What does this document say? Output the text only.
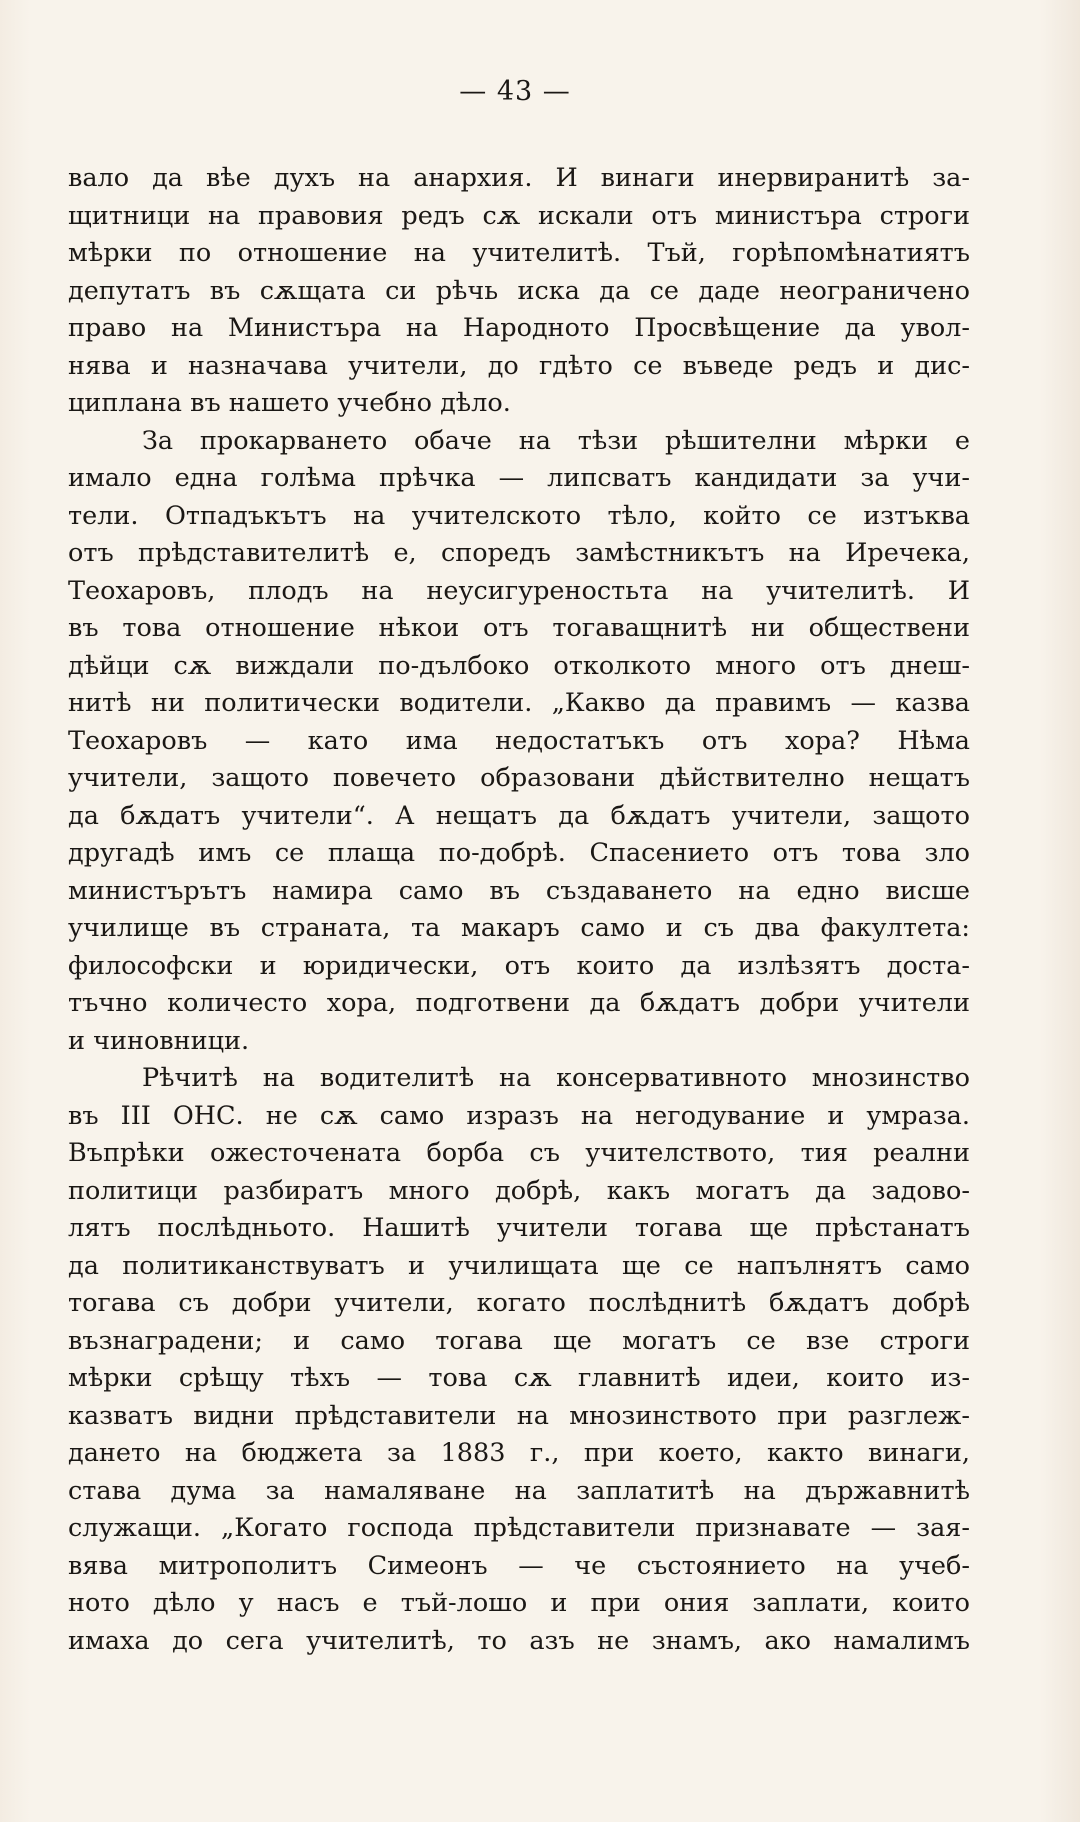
— 43 —
вало да вѣе духъ на анархия. И винаги инервиранитѣ за-
щитници на правовия редъ сѫ искали отъ министъра строги
мѣрки по отношение на учителитѣ. Тъй, горѣпомѣнатиятъ
депутатъ въ сѫщата си рѣчь иска да се даде неограничено
право на Министъра на Народното Просвѣщение да увол-
нява и назначава учители, до гдѣто се въведе редъ и дис-
циплана въ нашето учебно дѣло.
За прокарването обаче на тѣзи рѣшителни мѣрки е
имало една голѣма прѣчка — липсватъ кандидати за учи-
тели. Отпадъкътъ на учителското тѣло, който се изтъква
отъ прѣдставителитѣ е, споредъ замѣстникътъ на Иречека,
Теохаровъ, плодъ на неусигуреностьта на учителитѣ. И
въ това отношение нѣкои отъ тогаващнитѣ ни обществени
дѣйци сѫ виждали по-дълбоко отколкото много отъ днеш-
нитѣ ни политически водители. „Какво да правимъ — казва
Теохаровъ — като има недостатъкъ отъ хора? Нѣма
учители, защото повечето образовани дѣйствително нещатъ
да бѫдатъ учители“. А нещатъ да бѫдатъ учители, защото
другадѣ имъ се плаща по-добрѣ. Спасението отъ това зло
министърътъ намира само въ създаването на едно висше
училище въ страната, та макаръ само и съ два факултета:
философски и юридически, отъ които да излѣзятъ доста-
тъчно количесто хора, подготвени да бѫдатъ добри учители
и чиновници.
Рѣчитѣ на водителитѣ на консервативното мнозинство
въ III ОНС. не сѫ само изразъ на негодувание и умраза.
Въпрѣки ожесточената борба съ учителството, тия реални
политици разбиратъ много добрѣ, какъ могатъ да задово-
лятъ послѣдньото. Нашитѣ учители тогава ще прѣстанатъ
да политиканствуватъ и училищата ще се напълнятъ само
тогава съ добри учители, когато послѣднитѣ бѫдатъ добрѣ
възнаградени; и само тогава ще могатъ се взе строги
мѣрки срѣщу тѣхъ — това сѫ главнитѣ идеи, които из-
казватъ видни прѣдставители на мнозинството при разглеж-
дането на бюджета за 1883 г., при което, както винаги,
става дума за намаляване на заплатитѣ на държавнитѣ
служащи. „Когато господа прѣдставители признавате — зая-
вява митрополитъ Симеонъ — че състоянието на учеб-
ното дѣло у насъ е тъй-лошо и при ония заплати, които
имаха до сега учителитѣ, то азъ не знамъ, ако намалимъ
